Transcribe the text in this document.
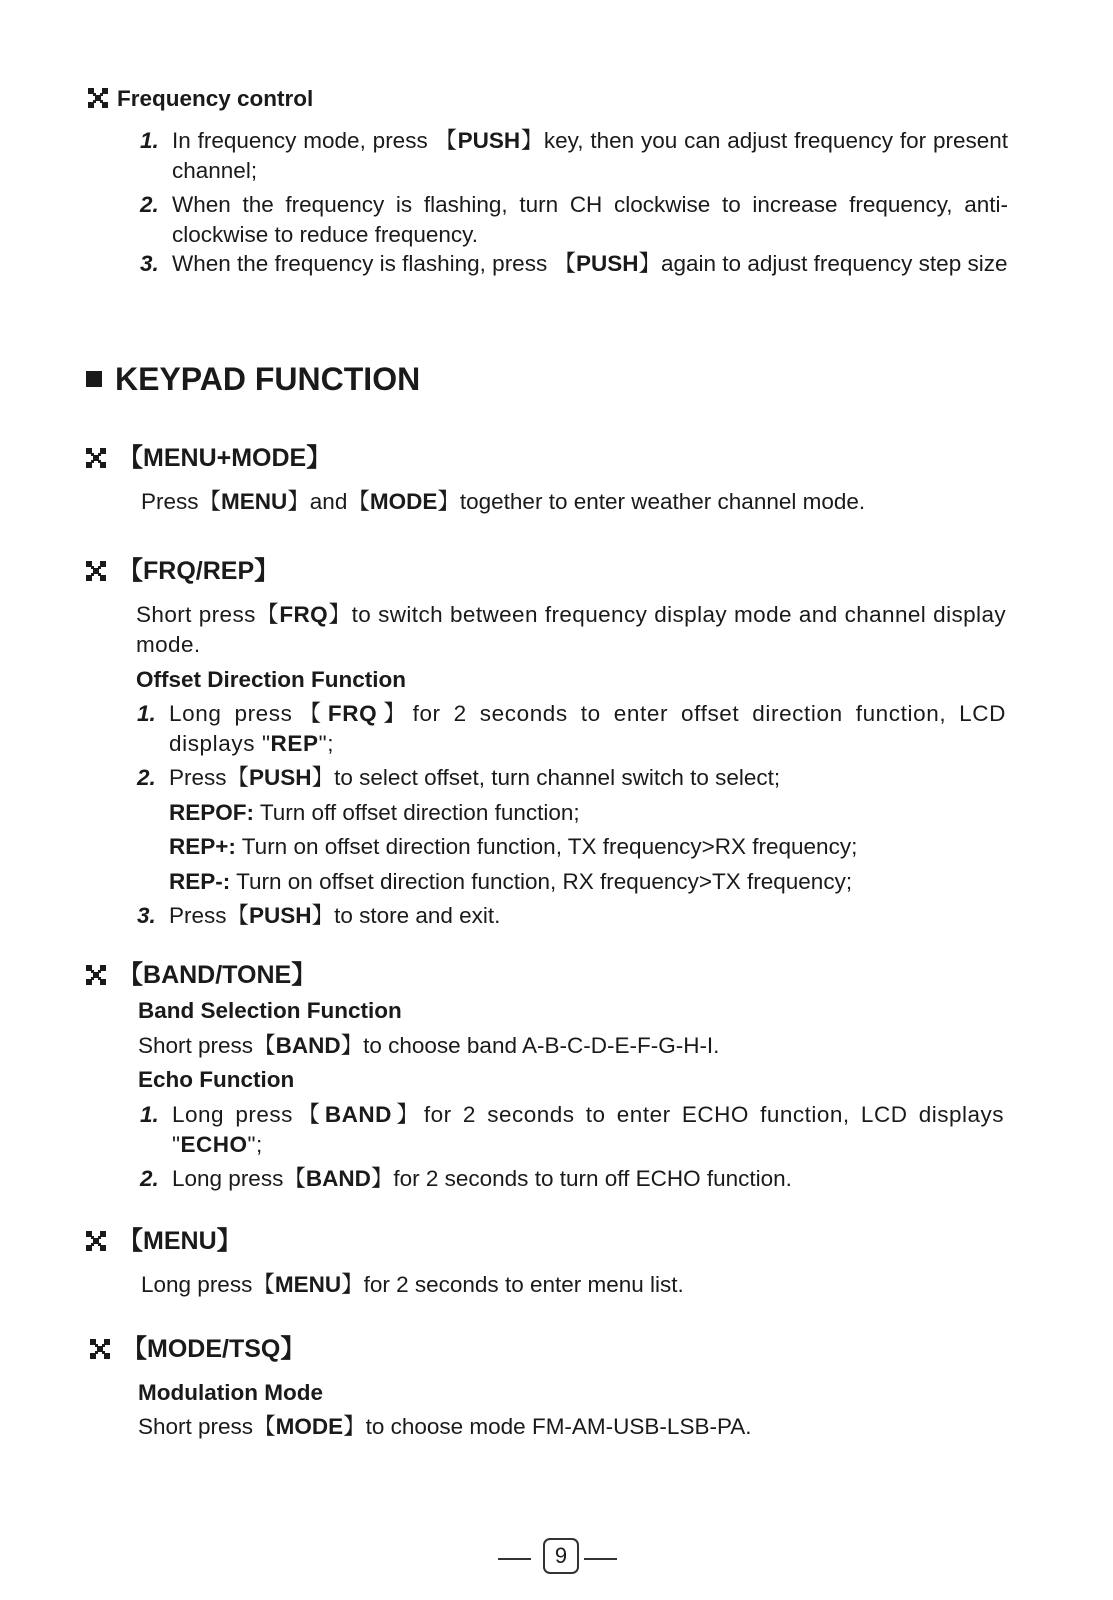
Frequency control
1. In frequency mode, press 【PUSH】key, then you can adjust frequency for present channel;
2. When the frequency is flashing, turn CH clockwise to increase frequency, anti-clockwise to reduce frequency.
3. When the frequency is flashing, press 【PUSH】again to adjust frequency step size
KEYPAD FUNCTION
【MENU+MODE】
Press【MENU】and【MODE】together to enter weather channel mode.
【FRQ/REP】
Short press【FRQ】to switch between frequency display mode and channel display mode.
Offset Direction Function
1. Long press【FRQ】for 2 seconds to enter offset direction function, LCD displays "REP";
2. Press【PUSH】to select offset, turn channel switch to select;
REPOF: Turn off offset direction function;
REP+: Turn on offset direction function, TX frequency>RX frequency;
REP-: Turn on offset direction function, RX frequency>TX frequency;
3. Press【PUSH】to store and exit.
【BAND/TONE】
Band Selection Function
Short press【BAND】to choose band A-B-C-D-E-F-G-H-I.
Echo Function
1. Long press【BAND】for 2 seconds to enter ECHO function, LCD displays "ECHO";
2. Long press【BAND】for 2 seconds to turn off ECHO function.
【MENU】
Long press【MENU】for 2 seconds to enter menu list.
【MODE/TSQ】
Modulation Mode
Short press【MODE】to choose mode FM-AM-USB-LSB-PA.
9
